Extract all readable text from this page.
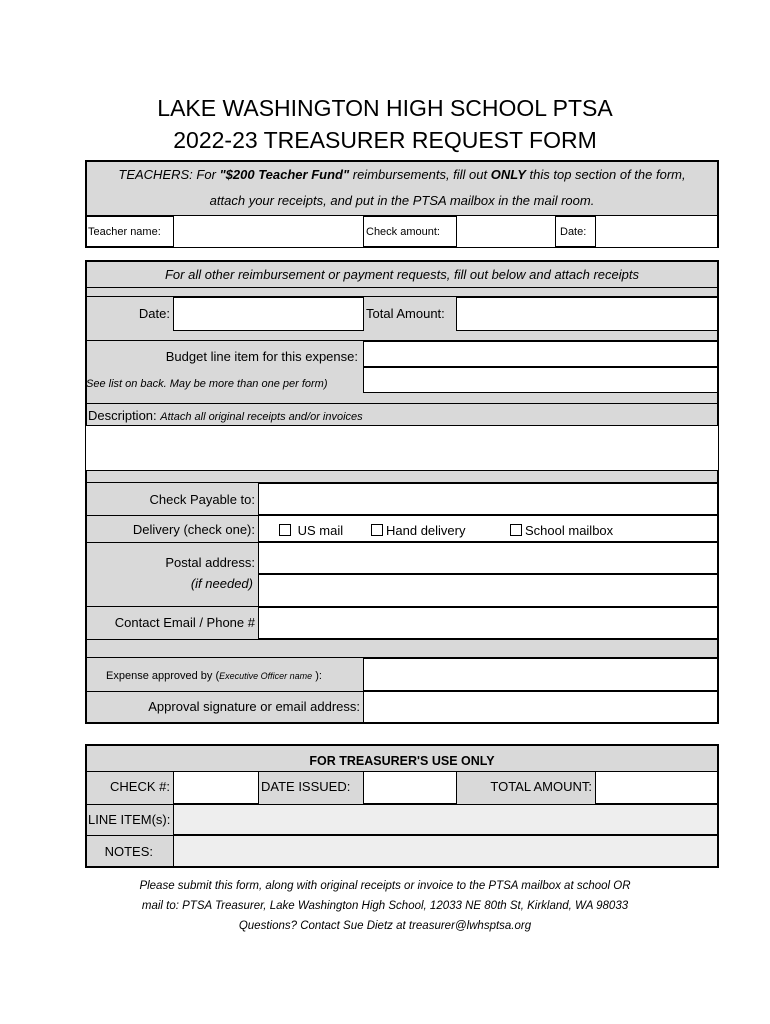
LAKE WASHINGTON HIGH SCHOOL PTSA
2022-23 TREASURER REQUEST FORM
TEACHERS: For "$200 Teacher Fund" reimbursements, fill out ONLY this top section of the form,
attach your receipts, and put in the PTSA mailbox in the mail room.
Teacher name:	Check amount:	Date:
For all other reimbursement or payment requests, fill out below and attach receipts
Date:	Total Amount:
Budget line item for this expense:
See list on back. May be more than one per form)
Description: Attach all original receipts and/or invoices
Check Payable to:
Delivery (check one):	US mail	Hand delivery	School mailbox
Postal address:
(if needed)
Contact Email / Phone #
Expense approved by (Executive Officer name ):
Approval signature or email address:
FOR TREASURER'S USE ONLY
CHECK #:	DATE ISSUED:	TOTAL AMOUNT:
LINE ITEM(s):
NOTES:
Please submit this form, along with original receipts or invoice to the PTSA mailbox at school OR
mail to: PTSA Treasurer, Lake Washington High School, 12033 NE 80th St, Kirkland, WA 98033
Questions? Contact Sue Dietz at treasurer@lwhsptsa.org
